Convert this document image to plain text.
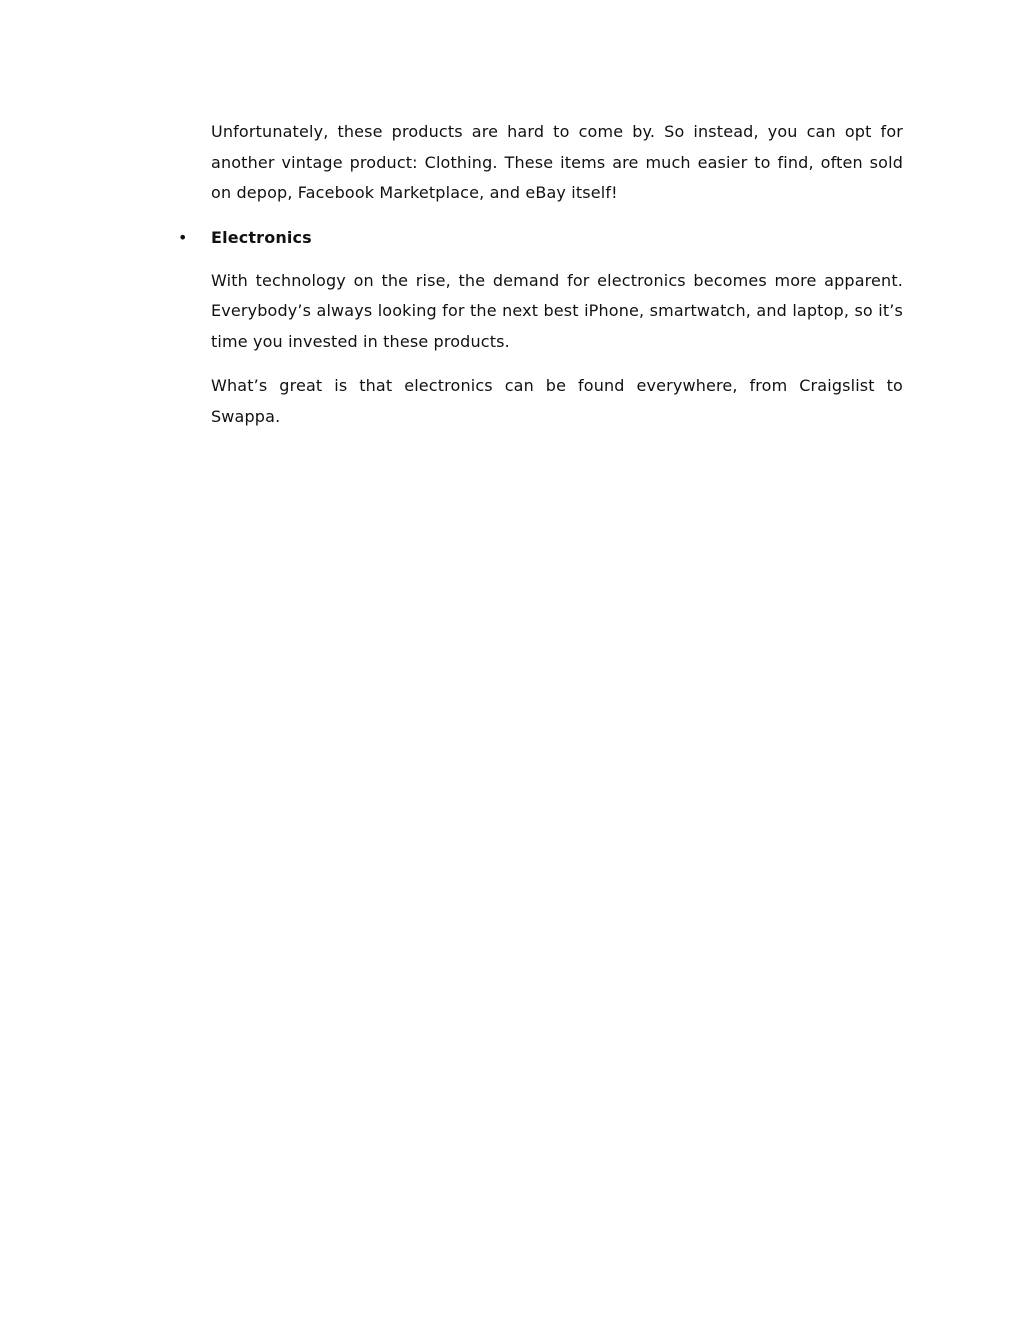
Unfortunately, these products are hard to come by. So instead, you can opt for another vintage product: Clothing. These items are much easier to find, often sold on depop, Facebook Marketplace, and eBay itself!

• Electronics

With technology on the rise, the demand for electronics becomes more apparent. Everybody’s always looking for the next best iPhone, smartwatch, and laptop, so it’s time you invested in these products.

What’s great is that electronics can be found everywhere, from Craigslist to Swappa.
